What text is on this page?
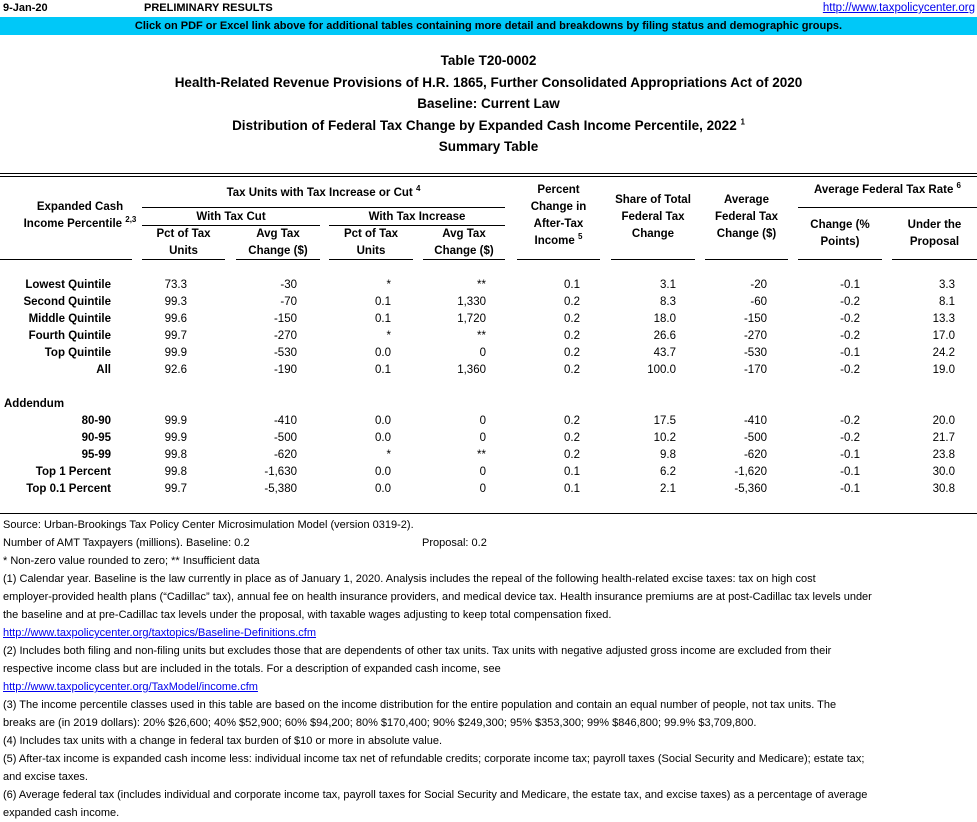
9-Jan-20	PRELIMINARY RESULTS	http://www.taxpolicycenter.org
Click on PDF or Excel link above for additional tables containing more detail and breakdowns by filing status and demographic groups.
Table T20-0002
Health-Related Revenue Provisions of H.R. 1865, Further Consolidated Appropriations Act of 2020
Baseline: Current Law
Distribution of Federal Tax Change by Expanded Cash Income Percentile, 2022 $^1$
Summary Table
Expanded Cash Income Percentile $^{2,3}$
Tax Units with Tax Increase or Cut $^4$
With Tax Cut	With Tax Increase
Pct of Tax
Units
Avg Tax
Change ($)
Pct of Tax
Units
Avg Tax
Change ($)
Percent
Change in
After-Tax
Income $^5$
Share of Total
Federal Tax
Change
Average
Federal Tax
Change ($)
Average Federal Tax Rate $^6$
Change (%
Points)
Under the
Proposal
Lowest Quintile	73.3	-30	*	**	0.1	3.1	-20	-0.1	3.3
Second Quintile	99.3	-70	0.1	1,330	0.2	8.3	-60	-0.2	8.1
Middle Quintile	99.6	-150	0.1	1,720	0.2	18.0	-150	-0.2	13.3
Fourth Quintile	99.7	-270	*	**	0.2	26.6	-270	-0.2	17.0
Top Quintile	99.9	-530	0.0	0	0.2	43.7	-530	-0.1	24.2
All	92.6	-190	0.1	1,360	0.2	100.0	-170	-0.2	19.0
Addendum
80-90	99.9	-410	0.0	0	0.2	17.5	-410	-0.2	20.0
90-95	99.9	-500	0.0	0	0.2	10.2	-500	-0.2	21.7
95-99	99.8	-620	*	**	0.2	9.8	-620	-0.1	23.8
Top 1 Percent	99.8	-1,630	0.0	0	0.1	6.2	-1,620	-0.1	30.0
Top 0.1 Percent	99.7	-5,380	0.0	0	0.1	2.1	-5,360	-0.1	30.8
Source: Urban-Brookings Tax Policy Center Microsimulation Model (version 0319-2).
Number of AMT Taxpayers (millions). Baseline: 0.2	Proposal: 0.2
* Non-zero value rounded to zero; ** Insufficient data
(1) Calendar year. Baseline is the law currently in place as of January 1, 2020. Analysis includes the repeal of the following health-related excise taxes: tax on high cost
employer-provided health plans (“Cadillac” tax), annual fee on health insurance providers, and medical device tax. Health insurance premiums are at post-Cadillac tax levels under
the baseline and at pre-Cadillac tax levels under the proposal, with taxable wages adjusting to keep total compensation fixed.
http://www.taxpolicycenter.org/taxtopics/Baseline-Definitions.cfm
(2) Includes both filing and non-filing units but excludes those that are dependents of other tax units. Tax units with negative adjusted gross income are excluded from their
respective income class but are included in the totals. For a description of expanded cash income, see
http://www.taxpolicycenter.org/TaxModel/income.cfm
(3) The income percentile classes used in this table are based on the income distribution for the entire population and contain an equal number of people, not tax units. The
breaks are (in 2019 dollars): 20% $26,600; 40% $52,900; 60% $94,200; 80% $170,400; 90% $249,300; 95% $353,300; 99% $846,800; 99.9% $3,709,800.
(4) Includes tax units with a change in federal tax burden of $10 or more in absolute value.
(5) After-tax income is expanded cash income less: individual income tax net of refundable credits; corporate income tax; payroll taxes (Social Security and Medicare); estate tax;
and excise taxes.
(6) Average federal tax (includes individual and corporate income tax, payroll taxes for Social Security and Medicare, the estate tax, and excise taxes) as a percentage of average
expanded cash income.
